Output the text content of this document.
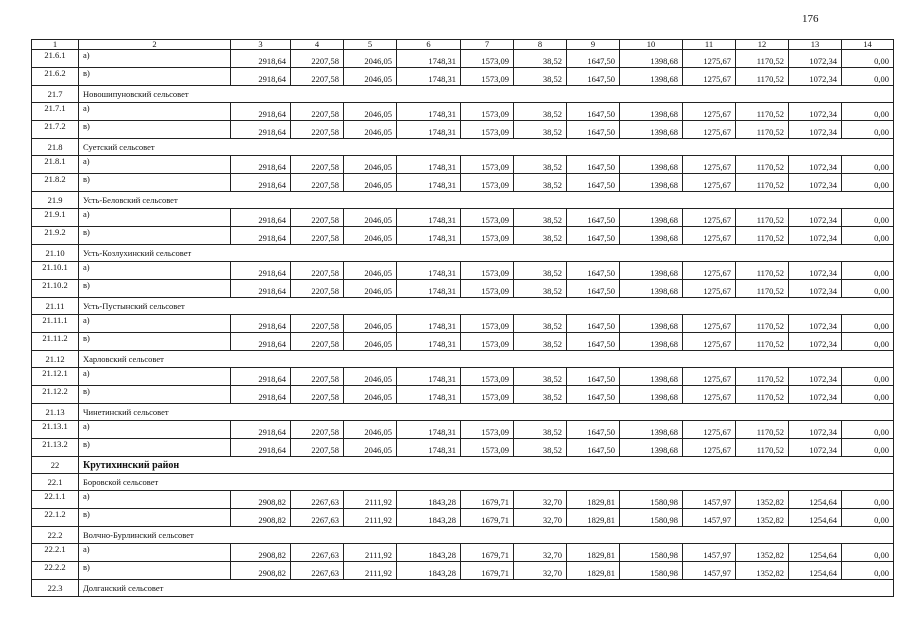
176
1	2	3	4	5	6	7	8	9	10	11	12	13	14
21.6.1	а)	2918,64	2207,58	2046,05	1748,31	1573,09	38,52	1647,50	1398,68	1275,67	1170,52	1072,34	0,00
21.6.2	в)	2918,64	2207,58	2046,05	1748,31	1573,09	38,52	1647,50	1398,68	1275,67	1170,52	1072,34	0,00
21.7	Новошипуновский сельсовет												
21.7.1	а)	2918,64	2207,58	2046,05	1748,31	1573,09	38,52	1647,50	1398,68	1275,67	1170,52	1072,34	0,00
21.7.2	в)	2918,64	2207,58	2046,05	1748,31	1573,09	38,52	1647,50	1398,68	1275,67	1170,52	1072,34	0,00
21.8	Суетский сельсовет												
21.8.1	а)	2918,64	2207,58	2046,05	1748,31	1573,09	38,52	1647,50	1398,68	1275,67	1170,52	1072,34	0,00
21.8.2	в)	2918,64	2207,58	2046,05	1748,31	1573,09	38,52	1647,50	1398,68	1275,67	1170,52	1072,34	0,00
21.9	Усть-Беловский сельсовет												
21.9.1	а)	2918,64	2207,58	2046,05	1748,31	1573,09	38,52	1647,50	1398,68	1275,67	1170,52	1072,34	0,00
21.9.2	в)	2918,64	2207,58	2046,05	1748,31	1573,09	38,52	1647,50	1398,68	1275,67	1170,52	1072,34	0,00
21.10	Усть-Козлухинский сельсовет												
21.10.1	а)	2918,64	2207,58	2046,05	1748,31	1573,09	38,52	1647,50	1398,68	1275,67	1170,52	1072,34	0,00
21.10.2	в)	2918,64	2207,58	2046,05	1748,31	1573,09	38,52	1647,50	1398,68	1275,67	1170,52	1072,34	0,00
21.11	Усть-Пустынский сельсовет												
21.11.1	а)	2918,64	2207,58	2046,05	1748,31	1573,09	38,52	1647,50	1398,68	1275,67	1170,52	1072,34	0,00
21.11.2	в)	2918,64	2207,58	2046,05	1748,31	1573,09	38,52	1647,50	1398,68	1275,67	1170,52	1072,34	0,00
21.12	Харловский сельсовет												
21.12.1	а)	2918,64	2207,58	2046,05	1748,31	1573,09	38,52	1647,50	1398,68	1275,67	1170,52	1072,34	0,00
21.12.2	в)	2918,64	2207,58	2046,05	1748,31	1573,09	38,52	1647,50	1398,68	1275,67	1170,52	1072,34	0,00
21.13	Чинетинский сельсовет												
21.13.1	а)	2918,64	2207,58	2046,05	1748,31	1573,09	38,52	1647,50	1398,68	1275,67	1170,52	1072,34	0,00
21.13.2	в)	2918,64	2207,58	2046,05	1748,31	1573,09	38,52	1647,50	1398,68	1275,67	1170,52	1072,34	0,00
22	Крутихинский район												
22.1	Боровской сельсовет												
22.1.1	а)	2908,82	2267,63	2111,92	1843,28	1679,71	32,70	1829,81	1580,98	1457,97	1352,82	1254,64	0,00
22.1.2	в)	2908,82	2267,63	2111,92	1843,28	1679,71	32,70	1829,81	1580,98	1457,97	1352,82	1254,64	0,00
22.2	Волчно-Бурлинский сельсовет												
22.2.1	а)	2908,82	2267,63	2111,92	1843,28	1679,71	32,70	1829,81	1580,98	1457,97	1352,82	1254,64	0,00
22.2.2	в)	2908,82	2267,63	2111,92	1843,28	1679,71	32,70	1829,81	1580,98	1457,97	1352,82	1254,64	0,00
22.3	Долганский сельсовет												
